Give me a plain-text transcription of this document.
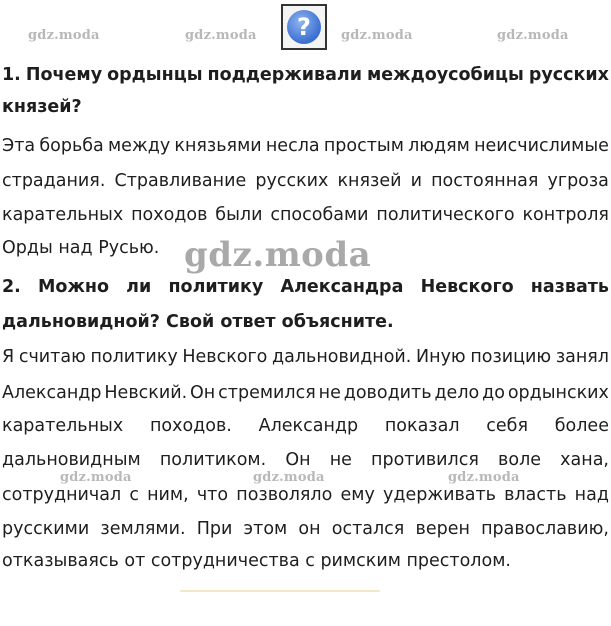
gdz.moda	gdz.moda	gdz.moda	gdz.moda
?
1. Почему ордынцы поддерживали междоусобицы русских
князей?
Эта борьба между князьями несла простым людям неисчислимые
страдания. Стравливание русских князей и постоянная угроза
карательных походов были способами политического контроля
Орды над Русью.
2. Можно ли политику Александра Невского назвать
дальновидной? Свой ответ объясните.
Я считаю политику Невского дальновидной. Иную позицию занял
Александр Невский. Он стремился не доводить дело до ордынских
карательных походов. Александр показал себя более
дальновидным политиком. Он не противился воле хана,
сотрудничал с ним, что позволяло ему удерживать власть над
русскими землями. При этом он остался верен православию,
отказываясь от сотрудничества с римским престолом.
gdz.moda
gdz.moda	gdz.moda	gdz.moda
